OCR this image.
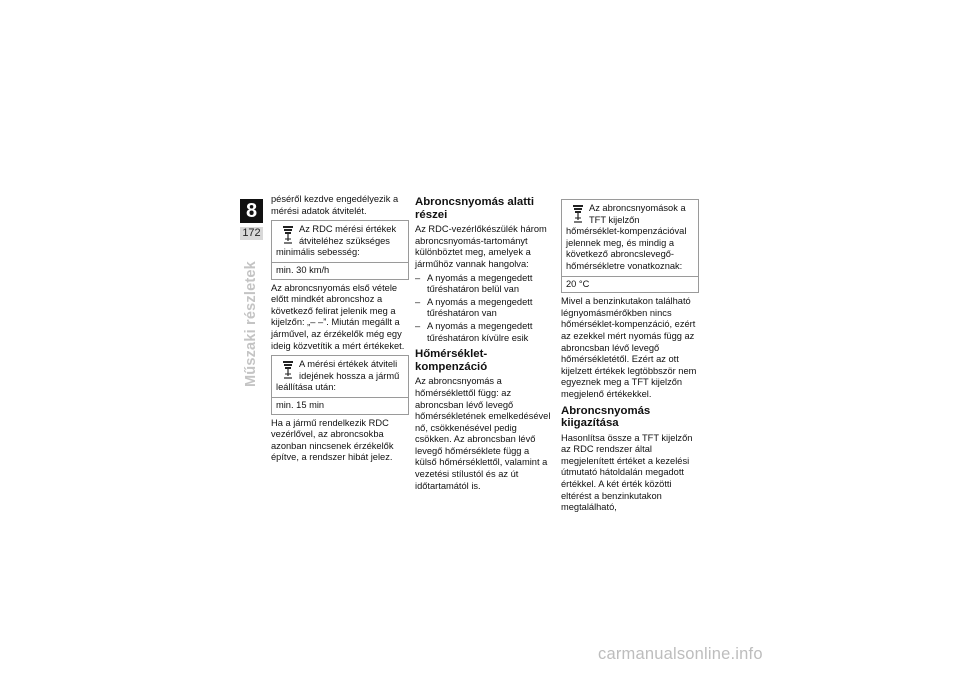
8
172
Műszaki részletek

péséről kezdve engedélyezik a mérési adatok átvitelét.

Az RDC mérési értékek átviteléhez szükséges minimális sebesség:
min. 30 km/h

Az abroncsnyomás első vétele előtt mindkét abroncshoz a következő felirat jelenik meg a kijelzőn: „– –”. Miután megállt a járművel, az érzékelők még egy ideig közvetítik a mért értékeket.

A mérési értékek átviteli idejének hossza a jármű leállítása után:
min. 15 min

Ha a jármű rendelkezik RDC vezérlővel, az abroncsokba azonban nincsenek érzékelők építve, a rendszer hibát jelez.

Abroncsnyomás alatti részei

Az RDC-vezérlőkészülék három abroncsnyomás-tartományt különböztet meg, amelyek a járműhöz vannak hangolva:

– A nyomás a megengedett tűréshatáron belül van
– A nyomás a megengedett tűréshatáron van
– A nyomás a megengedett tűréshatáron kívülre esik
Hőmérséklet-kompenzáció

Az abroncsnyomás a hőmérséklettől függ: az abroncsban lévő levegő hőmérsékletének emelkedésével nő, csökkenésével pedig csökken. Az abroncsban lévő levegő hőmérséklete függ a külső hőmérséklettől, valamint a vezetési stílustól és az út időtartamától is.

Az abroncsnyomások a TFT kijelzőn hőmérséklet-kompenzációval jelennek meg, és mindig a következő abroncslevegő-hőmérsékletre vonatkoznak:
20 °C

Mivel a benzinkutakon található légnyomásmérőkben nincs hőmérséklet-kompenzáció, ezért az ezekkel mért nyomás függ az abroncsban lévő levegő hőmérsékletétől. Ezért az ott kijelzett értékek legtöbbször nem egyeznek meg a TFT kijelzőn megjelenő értékekkel.

Abroncsnyomás kiigazítása

Hasonlítsa össze a TFT kijelzőn az RDC rendszer által megjelenített értéket a kezelési útmutató hátoldalán megadott értékkel. A két érték közötti eltérést a benzinkutakon megtalálható,

carmanualsonline.info
